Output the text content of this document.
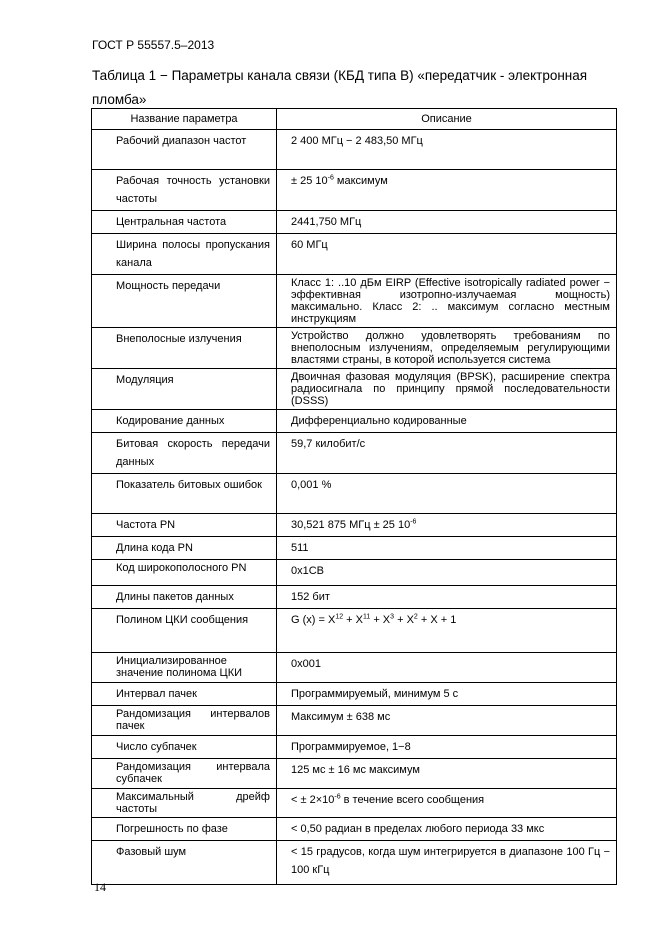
ГОСТ Р 55557.5–2013
Таблица 1 − Параметры канала связи (КБД типа В) «передатчик - электронная пломба»
Название параметра	Описание
Рабочий диапазон частот	2 400 МГц − 2 483,50 МГц
Рабочая точность установки частоты	± 25 $10^{-6}$ максимум
Центральная частота	2441,750 МГц
Ширина полосы пропускания канала	60 МГц
Мощность передачи	Класс 1: ..10 дБм EIRP (Effective isotropically radiated power − эффективная изотропно-излучаемая мощность) максимально. Класс 2: .. максимум согласно местным инструкциям
Внеполосные излучения	Устройство должно удовлетворять требованиям по внеполосным излучениям, определяемым регулирующими властями страны, в которой используется система
Модуляция	Двоичная фазовая модуляция (BPSK), расширение спектра радиосигнала по принципу прямой последовательности (DSSS)
Кодирование данных	Дифференциально кодированные
Битовая скорость передачи данных	59,7 килобит/с
Показатель битовых ошибок	0,001 %
Частота PN	30,521 875 МГц ± 25 $10^{-6}$
Длина кода PN	511
Код широкополосного PN	0x1CB
Длины пакетов данных	152 бит
Полином ЦКИ сообщения	G $(x) = X^{12} + X^{11} + X^3 + X^2 + X + 1$
Инициализированное значение полинома ЦКИ	0x001
Интервал пачек	Программируемый, минимум 5 с
Рандомизация интервалов пачек	Максимум ± 638 мс
Число субпачек	Программируемое, 1−8
Рандомизация интервала субпачек	125 мс ± 16 мс максимум
Максимальный дрейф частоты	< ± $2\times 10^{-6}$ в течение всего сообщения
Погрешность по фазе	< 0,50 радиан в пределах любого периода 33 мкс
Фазовый шум	< 15 градусов, когда шум интегрируется в диапазоне 100 Гц − 100 кГц
14
